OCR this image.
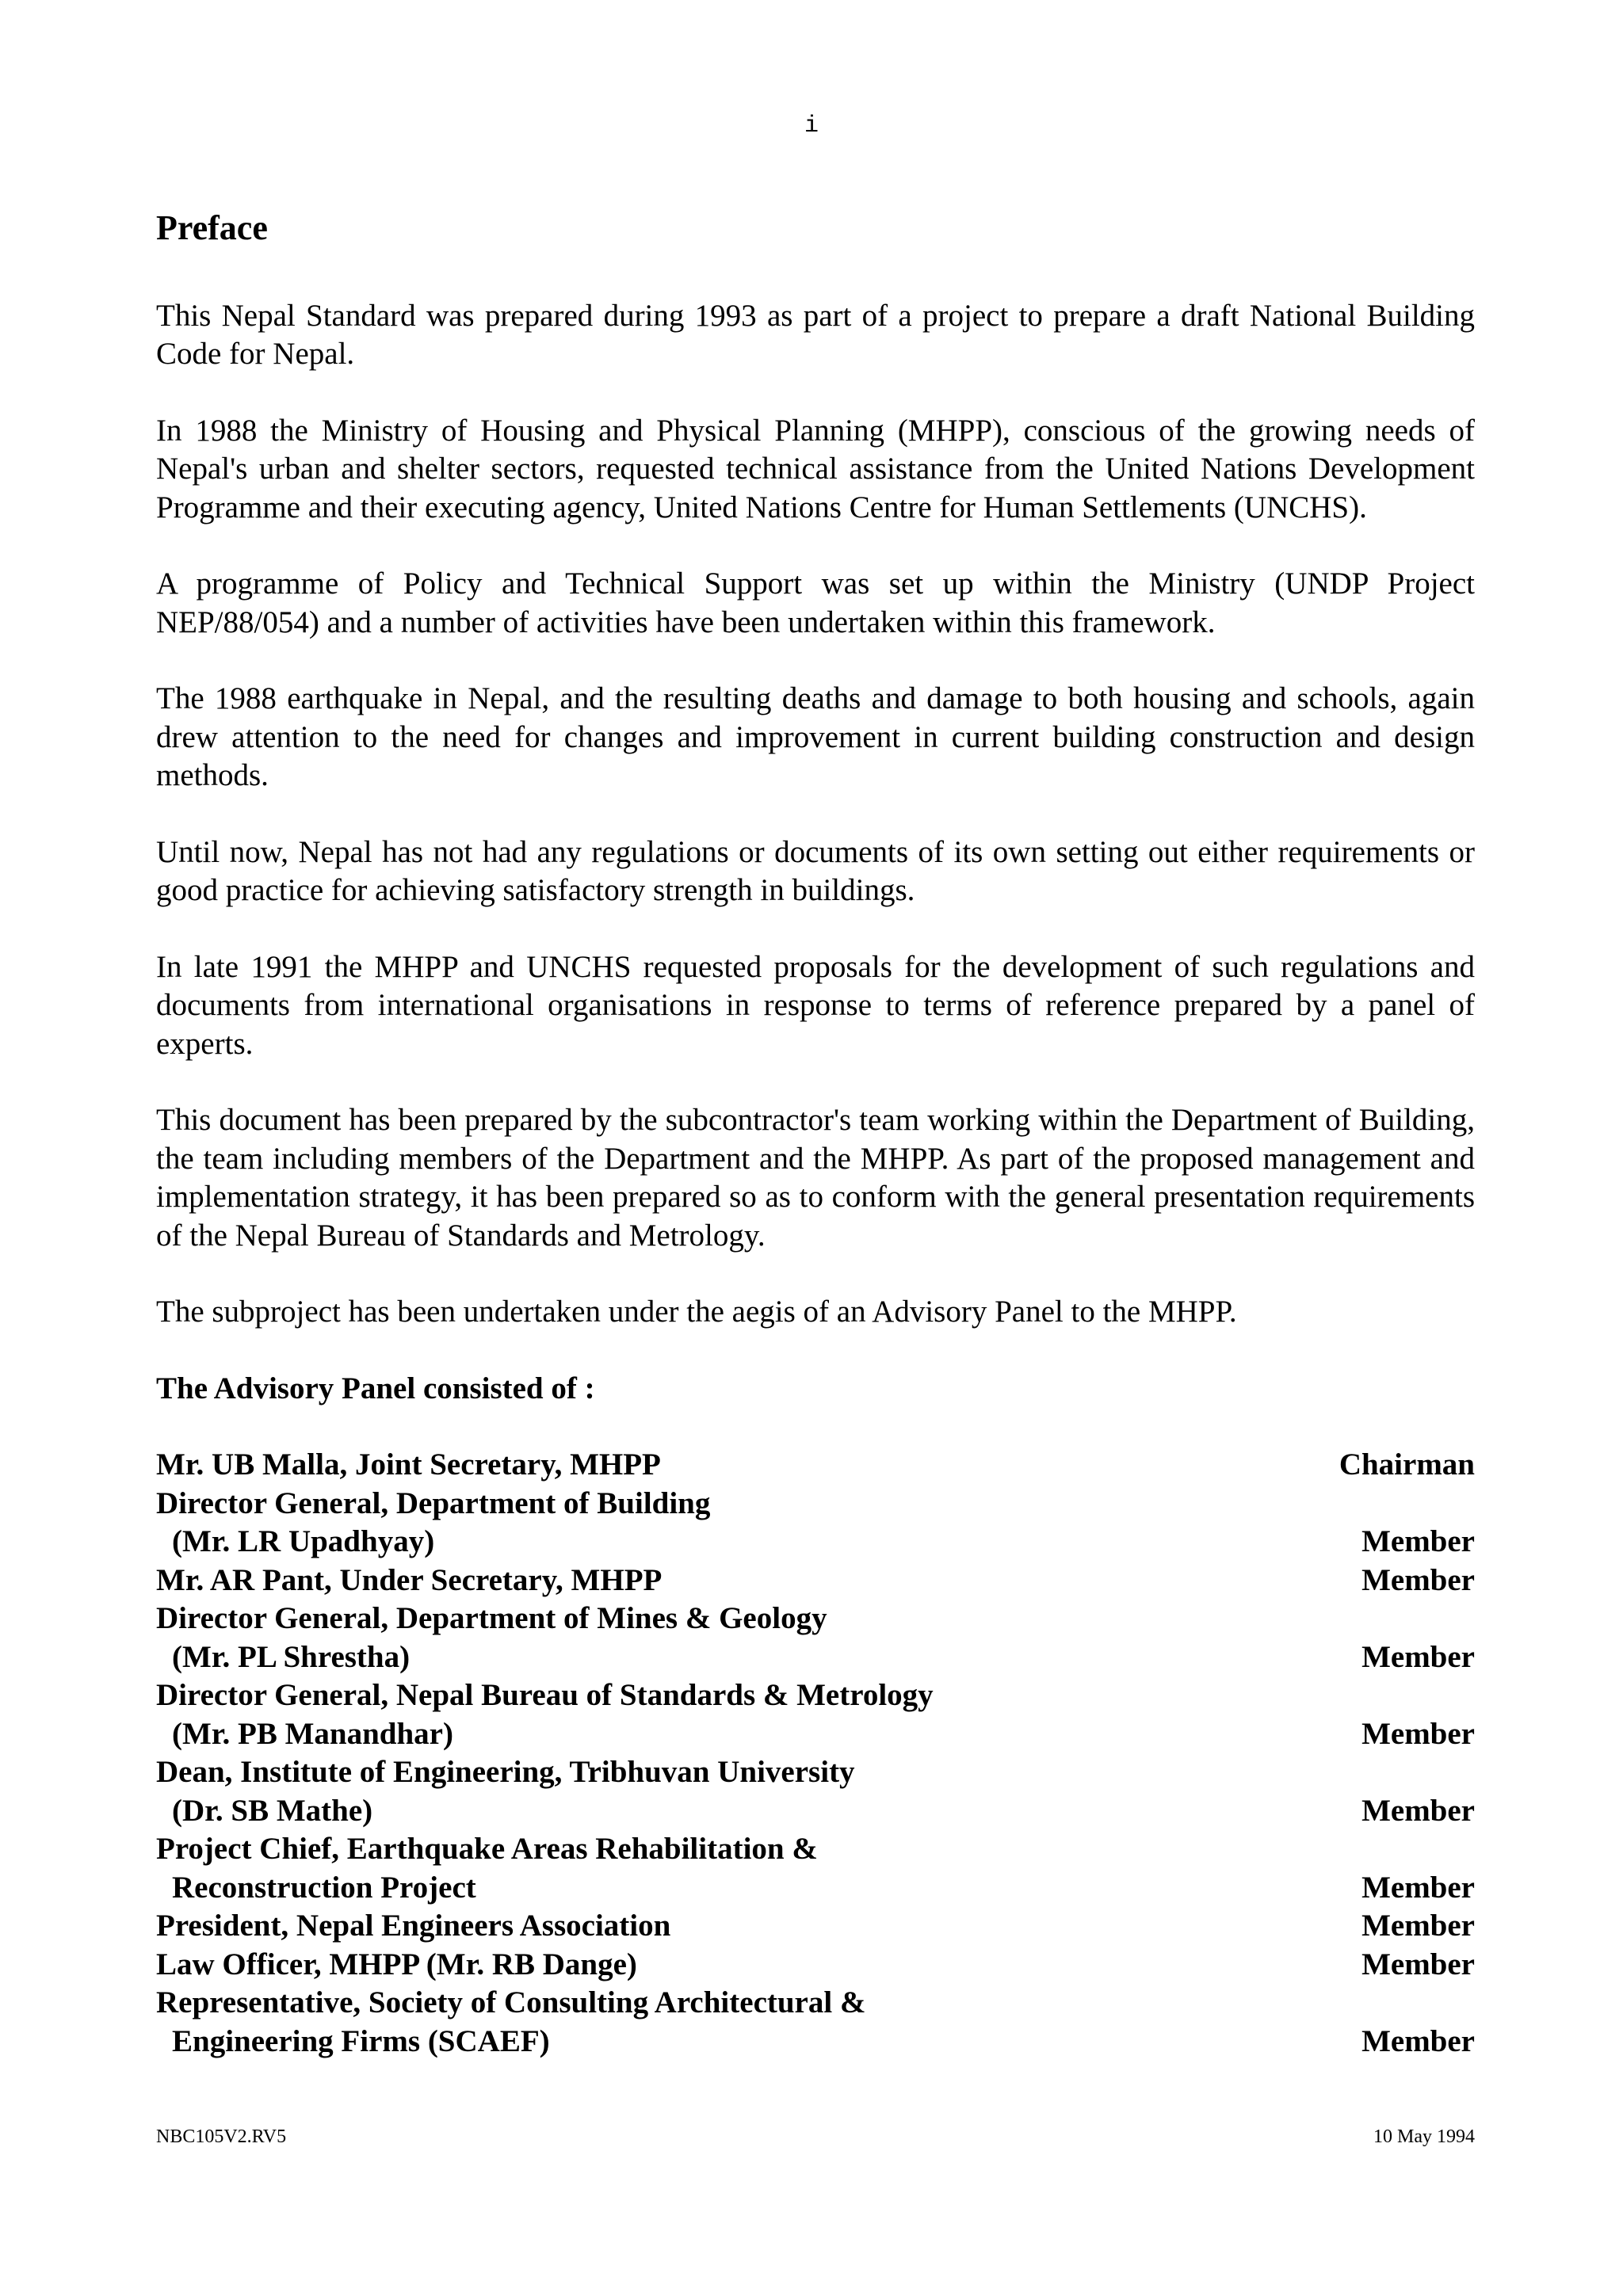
i
Preface

This Nepal Standard was prepared during 1993 as part of a project to prepare a draft National Building Code for Nepal.

In 1988 the Ministry of Housing and Physical Planning (MHPP), conscious of the growing needs of Nepal's urban and shelter sectors, requested technical assistance from the United Nations Development Programme and their executing agency, United Nations Centre for Human Settlements (UNCHS).

A programme of Policy and Technical Support was set up within the Ministry (UNDP Project NEP/88/054) and a number of activities have been undertaken within this framework.

The 1988 earthquake in Nepal, and the resulting deaths and damage to both housing and schools, again drew attention to the need for changes and improvement in current building construction and design methods.

Until now, Nepal has not had any regulations or documents of its own setting out either requirements or good practice for achieving satisfactory strength in buildings.

In late 1991 the MHPP and UNCHS requested proposals for the development of such regulations and documents from international organisations in response to terms of reference prepared by a panel of experts.

This document has been prepared by the subcontractor's team working within the Department of Building, the team including members of the Department and the MHPP. As part of the proposed management and implementation strategy, it has been prepared so as to conform with the general presentation requirements of the Nepal Bureau of Standards and Metrology.

The subproject has been undertaken under the aegis of an Advisory Panel to the MHPP.

The Advisory Panel consisted of :
Mr. UB Malla, Joint Secretary, MHPP	Chairman
Director General, Department of Building
(Mr. LR Upadhyay)	Member
Mr. AR Pant, Under Secretary, MHPP	Member
Director General, Department of Mines & Geology
(Mr. PL Shrestha)	Member
Director General, Nepal Bureau of Standards & Metrology
(Mr. PB Manandhar)	Member
Dean, Institute of Engineering, Tribhuvan University
(Dr. SB Mathe)	Member
Project Chief, Earthquake Areas Rehabilitation &
Reconstruction Project	Member
President, Nepal Engineers Association	Member
Law Officer, MHPP (Mr. RB Dange)	Member
Representative, Society of Consulting Architectural &
Engineering Firms (SCAEF)	Member
NBC105V2.RV5	10 May 1994
